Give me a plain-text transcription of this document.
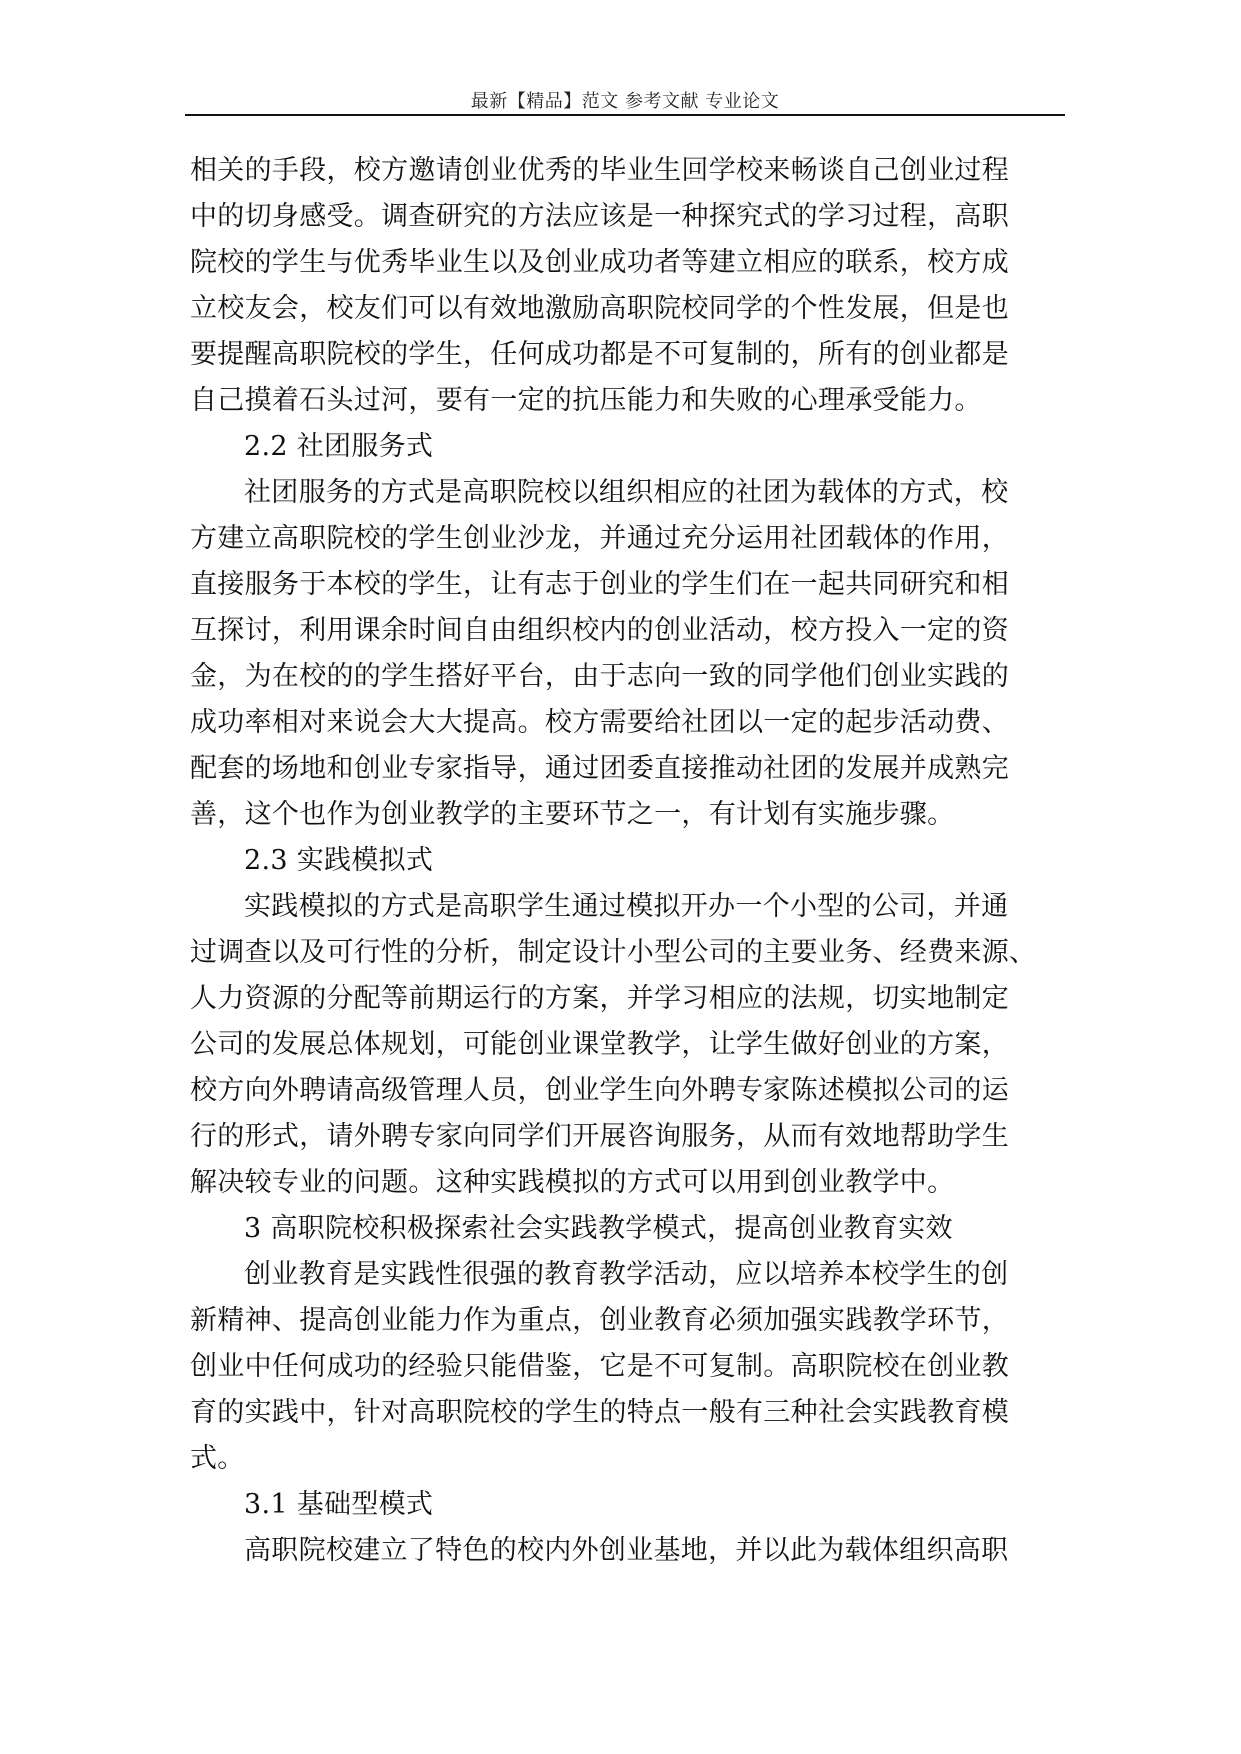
最新【精品】范文 参考文献 专业论文
相关的手段，校方邀请创业优秀的毕业生回学校来畅谈自己创业过程
中的切身感受。调查研究的方法应该是一种探究式的学习过程，高职
院校的学生与优秀毕业生以及创业成功者等建立相应的联系，校方成
立校友会，校友们可以有效地激励高职院校同学的个性发展，但是也
要提醒高职院校的学生，任何成功都是不可复制的，所有的创业都是
自己摸着石头过河，要有一定的抗压能力和失败的心理承受能力。
2.2 社团服务式
社团服务的方式是高职院校以组织相应的社团为载体的方式，校
方建立高职院校的学生创业沙龙，并通过充分运用社团载体的作用，
直接服务于本校的学生，让有志于创业的学生们在一起共同研究和相
互探讨，利用课余时间自由组织校内的创业活动，校方投入一定的资
金，为在校的的学生搭好平台，由于志向一致的同学他们创业实践的
成功率相对来说会大大提高。校方需要给社团以一定的起步活动费、
配套的场地和创业专家指导，通过团委直接推动社团的发展并成熟完
善，这个也作为创业教学的主要环节之一，有计划有实施步骤。
2.3 实践模拟式
实践模拟的方式是高职学生通过模拟开办一个小型的公司，并通
过调查以及可行性的分析，制定设计小型公司的主要业务、经费来源、
人力资源的分配等前期运行的方案，并学习相应的法规，切实地制定
公司的发展总体规划，可能创业课堂教学，让学生做好创业的方案，
校方向外聘请高级管理人员，创业学生向外聘专家陈述模拟公司的运
行的形式，请外聘专家向同学们开展咨询服务，从而有效地帮助学生
解决较专业的问题。这种实践模拟的方式可以用到创业教学中。
3 高职院校积极探索社会实践教学模式，提高创业教育实效
创业教育是实践性很强的教育教学活动，应以培养本校学生的创
新精神、提高创业能力作为重点，创业教育必须加强实践教学环节，
创业中任何成功的经验只能借鉴，它是不可复制。高职院校在创业教
育的实践中，针对高职院校的学生的特点一般有三种社会实践教育模
式。
3.1 基础型模式
高职院校建立了特色的校内外创业基地，并以此为载体组织高职
